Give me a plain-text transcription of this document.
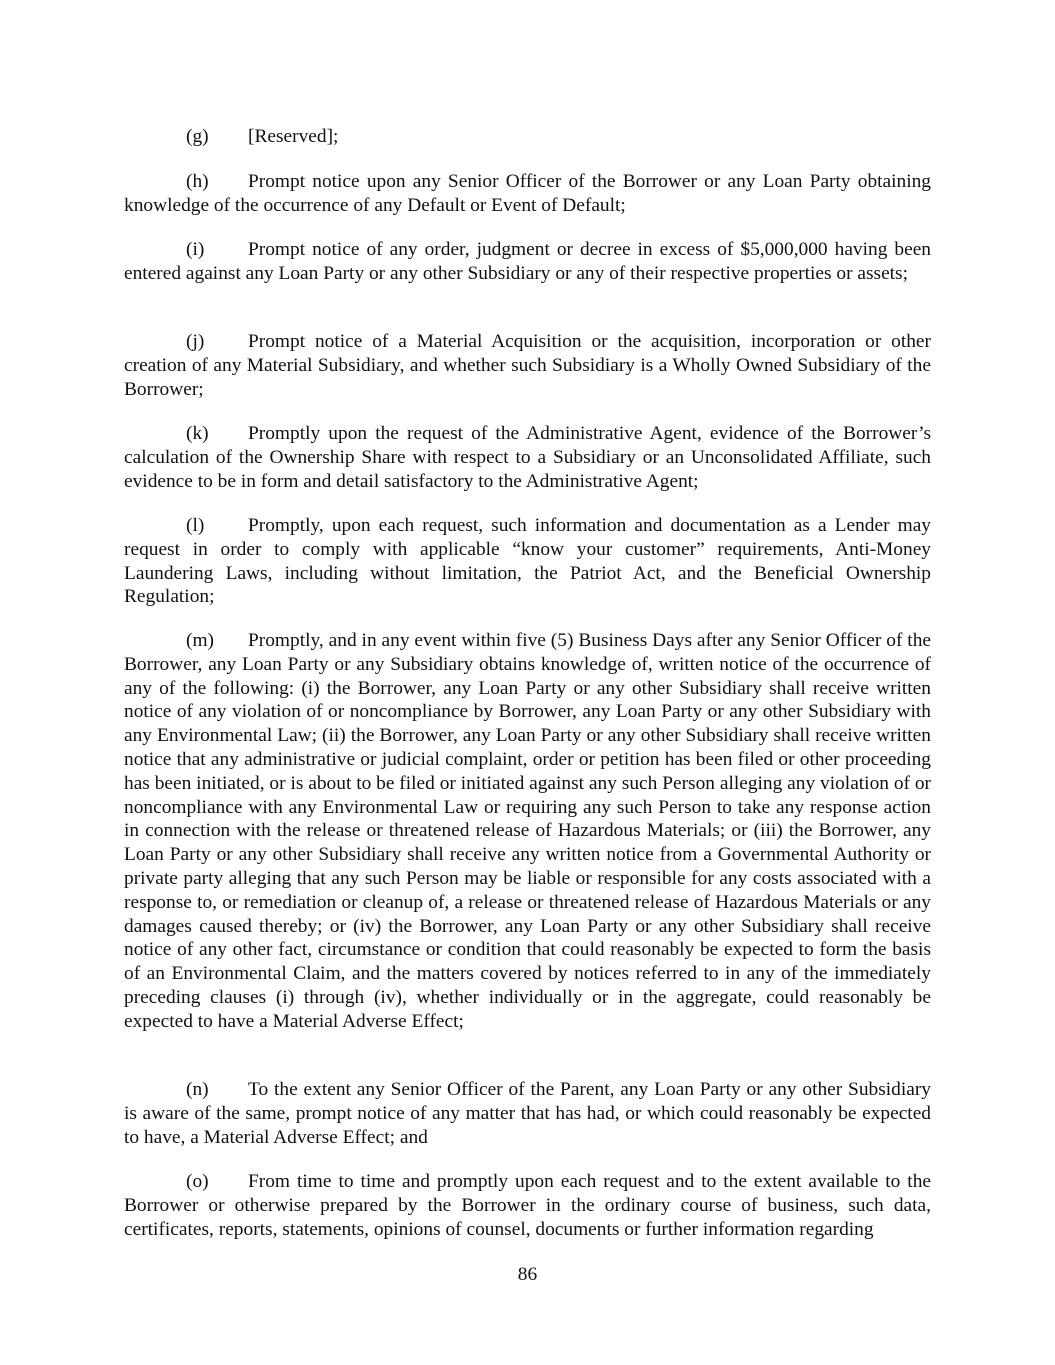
(g) [Reserved];

(h) Prompt notice upon any Senior Officer of the Borrower or any Loan Party obtaining knowledge of the occurrence of any Default or Event of Default;

(i) Prompt notice of any order, judgment or decree in excess of $5,000,000 having been entered against any Loan Party or any other Subsidiary or any of their respective properties or assets;

(j) Prompt notice of a Material Acquisition or the acquisition, incorporation or other creation of any Material Subsidiary, and whether such Subsidiary is a Wholly Owned Subsidiary of the Borrower;

(k) Promptly upon the request of the Administrative Agent, evidence of the Borrower’s calculation of the Ownership Share with respect to a Subsidiary or an Unconsolidated Affiliate, such evidence to be in form and detail satisfactory to the Administrative Agent;

(l) Promptly, upon each request, such information and documentation as a Lender may request in order to comply with applicable “know your customer” requirements, Anti-Money Laundering Laws, including without limitation, the Patriot Act, and the Beneficial Ownership Regulation;

(m) Promptly, and in any event within five (5) Business Days after any Senior Officer of the Borrower, any Loan Party or any Subsidiary obtains knowledge of, written notice of the occurrence of any of the following: (i) the Borrower, any Loan Party or any other Subsidiary shall receive written notice of any violation of or noncompliance by Borrower, any Loan Party or any other Subsidiary with any Environmental Law; (ii) the Borrower, any Loan Party or any other Subsidiary shall receive written notice that any administrative or judicial complaint, order or petition has been filed or other proceeding has been initiated, or is about to be filed or initiated against any such Person alleging any violation of or noncompliance with any Environmental Law or requiring any such Person to take any response action in connection with the release or threatened release of Hazardous Materials; or (iii) the Borrower, any Loan Party or any other Subsidiary shall receive any written notice from a Governmental Authority or private party alleging that any such Person may be liable or responsible for any costs associated with a response to, or remediation or cleanup of, a release or threatened release of Hazardous Materials or any damages caused thereby; or (iv) the Borrower, any Loan Party or any other Subsidiary shall receive notice of any other fact, circumstance or condition that could reasonably be expected to form the basis of an Environmental Claim, and the matters covered by notices referred to in any of the immediately preceding clauses (i) through (iv), whether individually or in the aggregate, could reasonably be expected to have a Material Adverse Effect;

(n) To the extent any Senior Officer of the Parent, any Loan Party or any other Subsidiary is aware of the same, prompt notice of any matter that has had, or which could reasonably be expected to have, a Material Adverse Effect; and

(o) From time to time and promptly upon each request and to the extent available to the Borrower or otherwise prepared by the Borrower in the ordinary course of business, such data, certificates, reports, statements, opinions of counsel, documents or further information regarding

86
